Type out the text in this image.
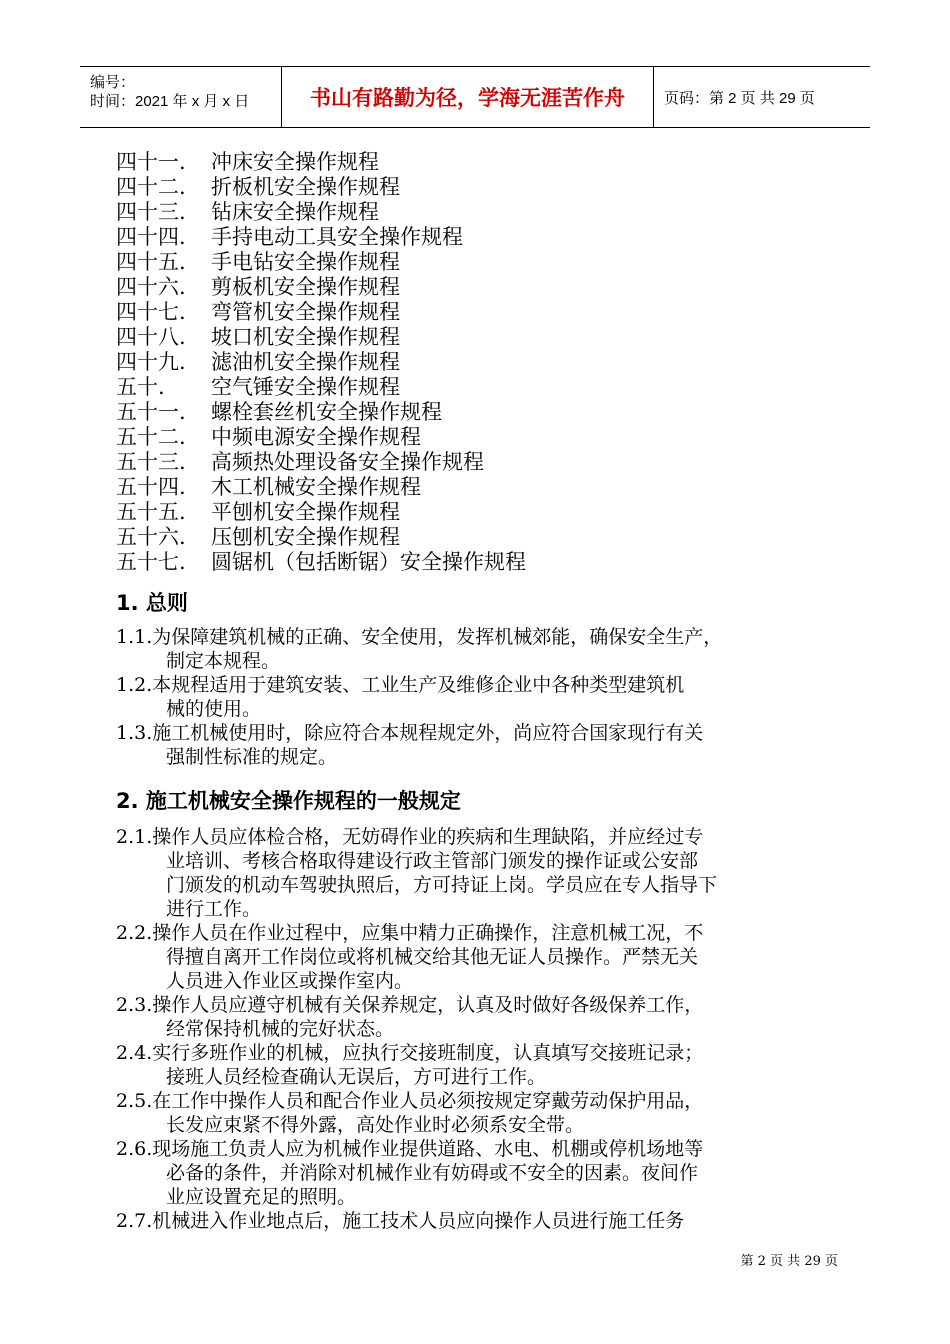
编号：
时间：2021 年 x 月 x 日	书山有路勤为径，学海无涯苦作舟	页码：第 2 页 共 29 页
四十一. 冲床安全操作规程
四十二. 折板机安全操作规程
四十三. 钻床安全操作规程
四十四. 手持电动工具安全操作规程
四十五. 手电钻安全操作规程
四十六. 剪板机安全操作规程
四十七. 弯管机安全操作规程
四十八. 坡口机安全操作规程
四十九. 滤油机安全操作规程
五十. 空气锤安全操作规程
五十一. 螺栓套丝机安全操作规程
五十二. 中频电源安全操作规程
五十三. 高频热处理设备安全操作规程
五十四. 木工机械安全操作规程
五十五. 平刨机安全操作规程
五十六. 压刨机安全操作规程
五十七. 圆锯机（包括断锯）安全操作规程
1. 总则
1.1.为保障建筑机械的正确、安全使用，发挥机械郊能，确保安全生产，
制定本规程。
1.2.本规程适用于建筑安装、工业生产及维修企业中各种类型建筑机
械的使用。
1.3.施工机械使用时，除应符合本规程规定外，尚应符合国家现行有关
强制性标准的规定。
2. 施工机械安全操作规程的一般规定
2.1.操作人员应体检合格，无妨碍作业的疾病和生理缺陷，并应经过专
业培训、考核合格取得建设行政主管部门颁发的操作证或公安部
门颁发的机动车驾驶执照后，方可持证上岗。学员应在专人指导下
进行工作。
2.2.操作人员在作业过程中，应集中精力正确操作，注意机械工况，不
得擅自离开工作岗位或将机械交给其他无证人员操作。严禁无关
人员进入作业区或操作室内。
2.3.操作人员应遵守机械有关保养规定，认真及时做好各级保养工作，
经常保持机械的完好状态。
2.4.实行多班作业的机械，应执行交接班制度，认真填写交接班记录；
接班人员经检查确认无误后，方可进行工作。
2.5.在工作中操作人员和配合作业人员必须按规定穿戴劳动保护用品，
长发应束紧不得外露，高处作业时必须系安全带。
2.6.现场施工负责人应为机械作业提供道路、水电、机棚或停机场地等
必备的条件，并消除对机械作业有妨碍或不安全的因素。夜间作
业应设置充足的照明。
2.7.机械进入作业地点后，施工技术人员应向操作人员进行施工任务
第 2 页 共 29 页
